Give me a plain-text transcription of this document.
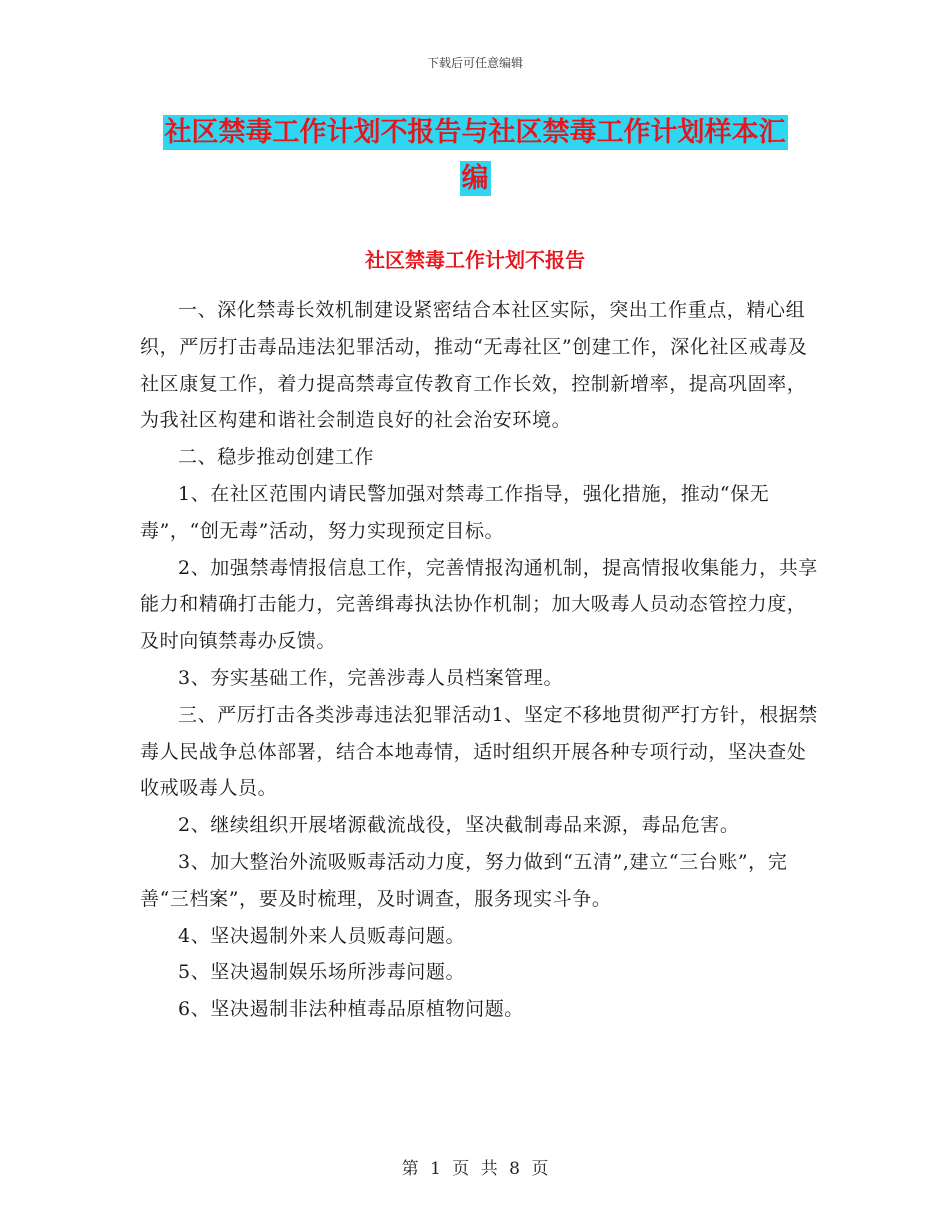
下载后可任意编辑
社区禁毒工作计划不报告与社区禁毒工作计划样本汇
编
社区禁毒工作计划不报告

一、深化禁毒长效机制建设紧密结合本社区实际，突出工作重点，精心组织，严厉打击毒品违法犯罪活动，推动“无毒社区”创建工作，深化社区戒毒及社区康复工作，着力提高禁毒宣传教育工作长效，控制新增率，提高巩固率，为我社区构建和谐社会制造良好的社会治安环境。

二、稳步推动创建工作

1、在社区范围内请民警加强对禁毒工作指导，强化措施，推动“保无毒”，“创无毒”活动，努力实现预定目标。

2、加强禁毒情报信息工作，完善情报沟通机制，提高情报收集能力，共享能力和精确打击能力，完善缉毒执法协作机制；加大吸毒人员动态管控力度，及时向镇禁毒办反馈。

3、夯实基础工作，完善涉毒人员档案管理。

三、严厉打击各类涉毒违法犯罪活动1、坚定不移地贯彻严打方针，根据禁毒人民战争总体部署，结合本地毒情，适时组织开展各种专项行动，坚决查处收戒吸毒人员。

2、继续组织开展堵源截流战役，坚决截制毒品来源，毒品危害。

3、加大整治外流吸贩毒活动力度，努力做到“五清”,建立“三台账”，完善“三档案”，要及时梳理，及时调查，服务现实斗争。

4、坚决遏制外来人员贩毒问题。

5、坚决遏制娱乐场所涉毒问题。

6、坚决遏制非法种植毒品原植物问题。

第 1 页 共 8 页
